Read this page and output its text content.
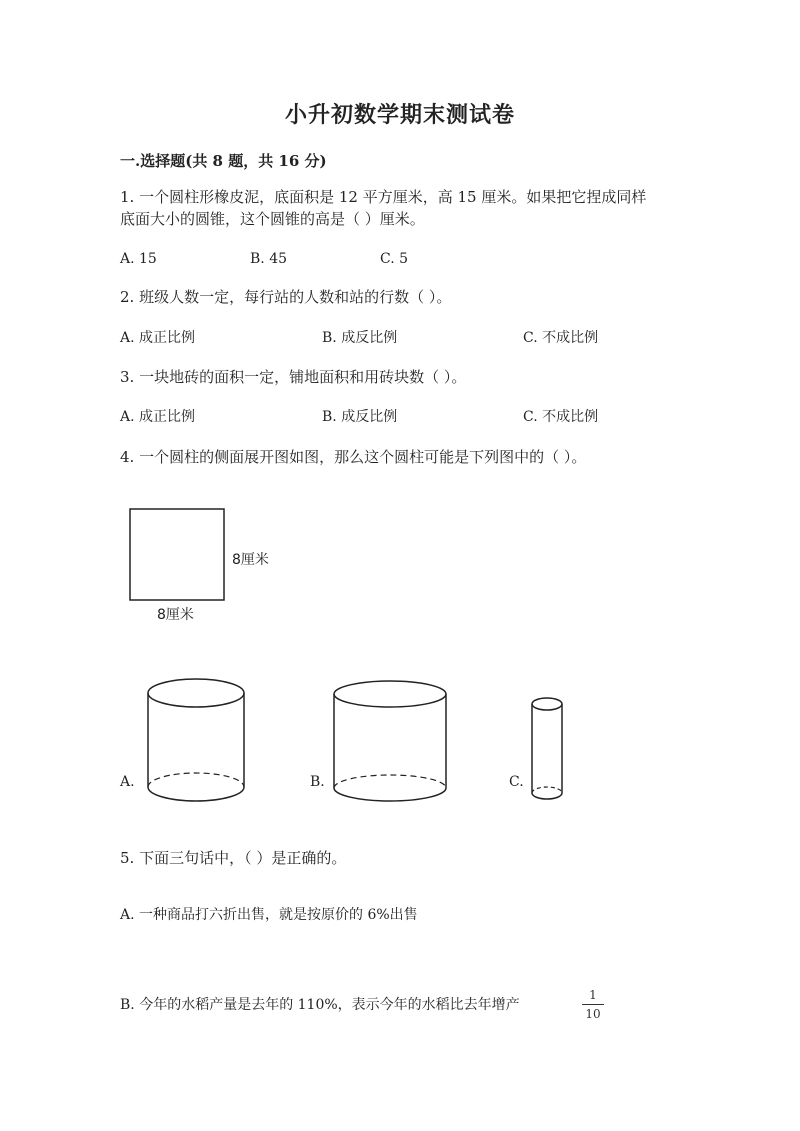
小升初数学期末测试卷
一.选择题(共 8 题，共 16 分)
1. 一个圆柱形橡皮泥，底面积是 12 平方厘米，高 15 厘米。如果把它捏成同样
底面大小的圆锥，这个圆锥的高是（ ）厘米。
A. 15	B. 45	C. 5
2. 班级人数一定，每行站的人数和站的行数（ ）。
A. 成正比例	B. 成反比例	C. 不成比例
3. 一块地砖的面积一定，铺地面积和用砖块数（ ）。
A. 成正比例	B. 成反比例	C. 不成比例
4. 一个圆柱的侧面展开图如图，那么这个圆柱可能是下列图中的（ ）。
8厘米
8厘米
A.	B.	C.
5. 下面三句话中，（ ）是正确的。
A. 一种商品打六折出售，就是按原价的 6%出售
B. 今年的水稻产量是去年的 110%，表示今年的水稻比去年增产
1
10
